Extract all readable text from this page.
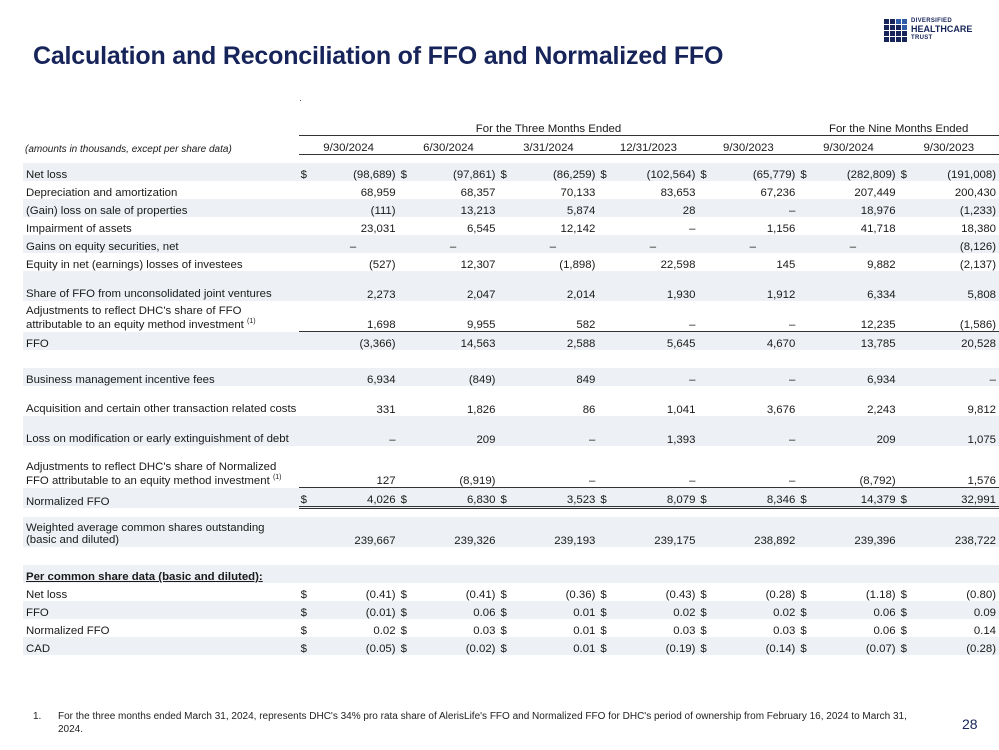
Calculation and Reconciliation of FFO and Normalized FFO
DIVERSIFIED
HEALTHCARE
TRUST
	For the Three Months Ended										For the Nine Months Ended			
(amounts in thousands, except per share data)	9/30/2024		6/30/2024		3/31/2024		12/31/2023		9/30/2023		9/30/2024		9/30/2023	

Net loss	$	(98,689)	$	(97,861)	$	(86,259)	$	(102,564)	$	(65,779)	$	(282,809)	$	(191,008)
Depreciation and amortization		68,959		68,357		70,133		83,653		67,236		207,449		200,430
(Gain) loss on sale of properties		(111)		13,213		5,874		28		–		18,976		(1,233)
Impairment of assets		23,031		6,545		12,142		–		1,156		41,718		18,380
Gains on equity securities, net		–		–		–		–		–		–		(8,126)
Equity in net (earnings) losses of investees		(527)		12,307		(1,898)		22,598		145		9,882		(2,137)
Share of FFO from unconsolidated joint ventures		2,273		2,047		2,014		1,930		1,912		6,334		5,808
Adjustments to reflect DHC's share of FFO attributable to an equity method investment $^{(1)}$		1,698		9,955		582		–		–		12,235		(1,586)
FFO		(3,366)		14,563		2,588		5,645		4,670		13,785		20,528

Business management incentive fees		6,934		(849)		849		–		–		6,934		–
Acquisition and certain other transaction related costs		331		1,826		86		1,041		3,676		2,243		9,812
Loss on modification or early extinguishment of debt		–		209		–		1,393		–		209		1,075
Adjustments to reflect DHC's share of Normalized FFO attributable to an equity method investment $^{(1)}$		127		(8,919)		–		–		–		(8,792)		1,576
Normalized FFO	$	4,026	$	6,830	$	3,523	$	8,079	$	8,346	$	14,379	$	32,991

Weighted average common shares outstanding (basic and diluted)		239,667		239,326		239,193		239,175		238,892		239,396		238,722

Per common share data (basic and diluted):														
Net loss	$	(0.41)	$	(0.41)	$	(0.36)	$	(0.43)	$	(0.28)	$	(1.18)	$	(0.80)
FFO	$	(0.01)	$	0.06	$	0.01	$	0.02	$	0.02	$	0.06	$	0.09
Normalized FFO	$	0.02	$	0.03	$	0.01	$	0.03	$	0.03	$	0.06	$	0.14
CAD	$	(0.05)	$	(0.02)	$	0.01	$	(0.19)	$	(0.14)	$	(0.07)	$	(0.28)
1. For the three months ended March 31, 2024, represents DHC's 34% pro rata share of AlerisLife's FFO and Normalized FFO for DHC's period of ownership from February 16, 2024 to March 31, 2024.	28
